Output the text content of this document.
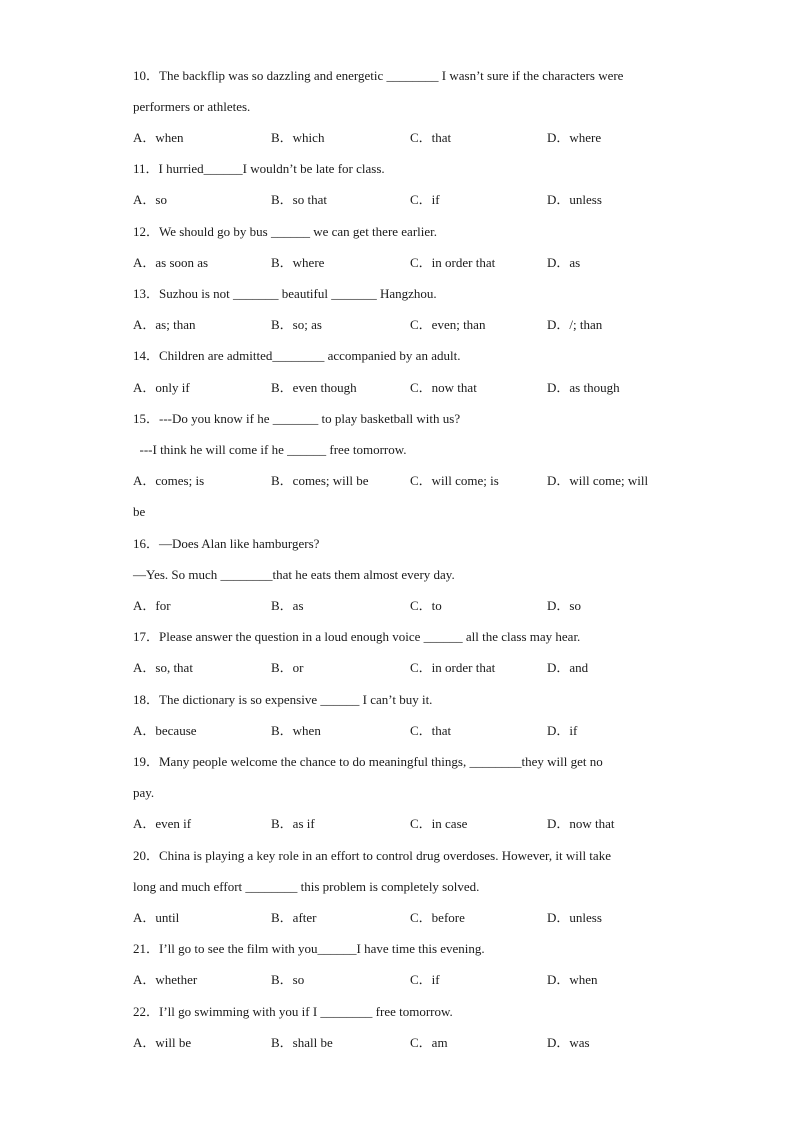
10．The backflip was so dazzling and energetic ________ I wasn’t sure if the characters were
performers or athletes.
A．when	B．which	C．that	D．where
11．I hurried______I wouldn’t be late for class.
A．so	B．so that	C．if	D．unless
12．We should go by bus ______ we can get there earlier.
A．as soon as	B．where	C．in order that	D．as
13．Suzhou is not _______ beautiful _______ Hangzhou.
A．as; than	B．so; as	C．even; than	D．/; than
14．Children are admitted________ accompanied by an adult.
A．only if	B．even though	C．now that	D．as though
15．---Do you know if he _______ to play basketball with us?
---I think he will come if he ______ free tomorrow.
A．comes; is	B．comes; will be	C．will come; is	D．will come; will
be
16．—Does Alan like hamburgers?
—Yes. So much ________that he eats them almost every day.
A．for	B．as	C．to	D．so
17．Please answer the question in a loud enough voice ______ all the class may hear.
A．so, that	B．or	C．in order that	D．and
18．The dictionary is so expensive ______ I can’t buy it.
A．because	B．when	C．that	D．if
19．Many people welcome the chance to do meaningful things, ________they will get no
pay.
A．even if	B．as if	C．in case	D．now that
20．China is playing a key role in an effort to control drug overdoses. However, it will take
long and much effort ________ this problem is completely solved.
A．until	B．after	C．before	D．unless
21．I’ll go to see the film with you______I have time this evening.
A．whether	B．so	C．if	D．when
22．I’ll go swimming with you if I ________ free tomorrow.
A．will be	B．shall be	C．am	D．was
